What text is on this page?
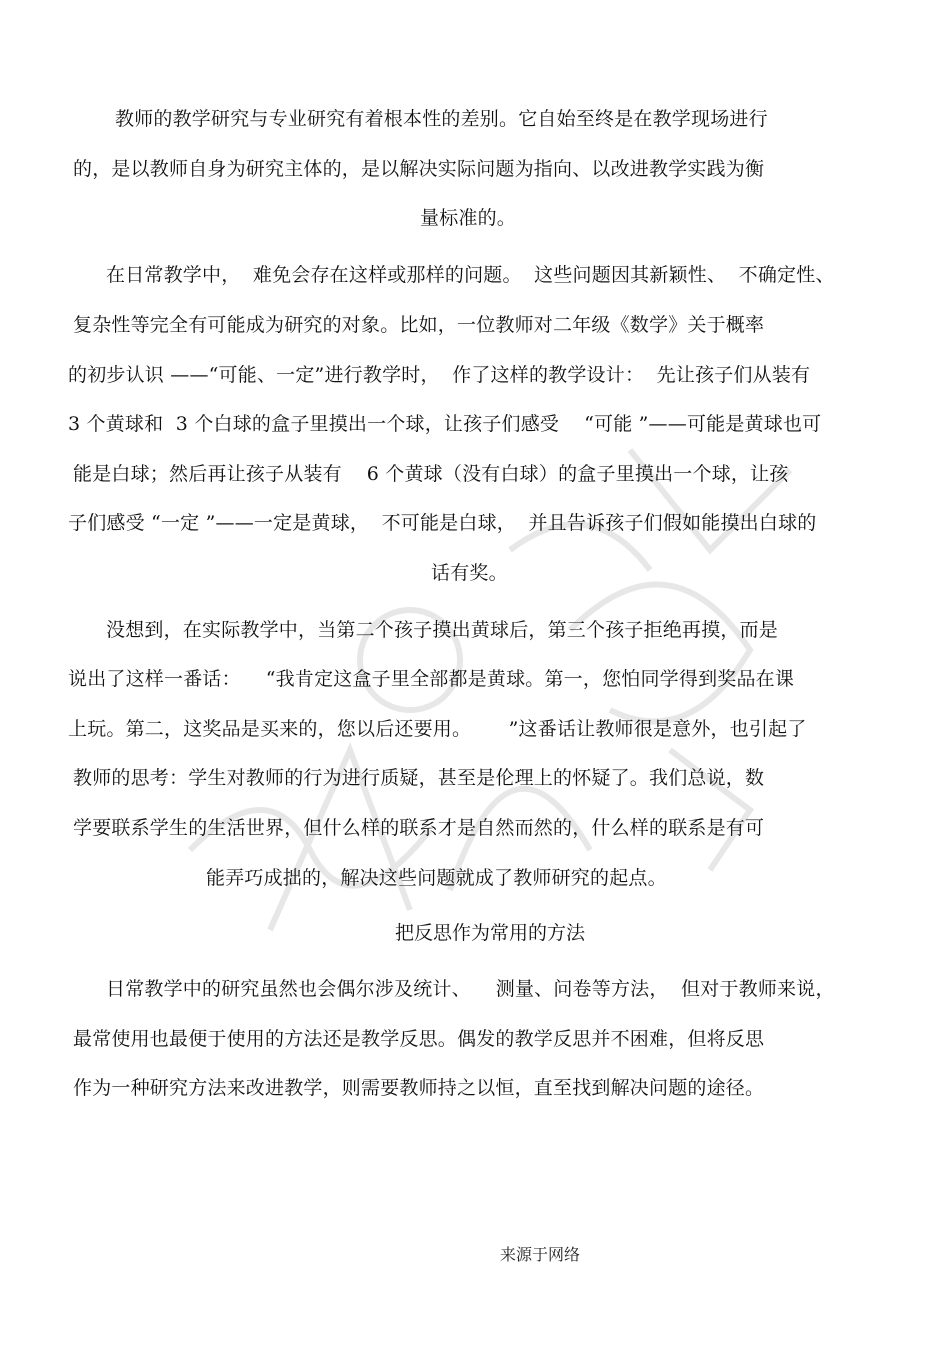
教师的教学研究与专业研究有着根本性的差别。它自始至终是在教学现场进行
的，是以教师自身为研究主体的，是以解决实际问题为指向、以改进教学实践为衡
量标准的。
在日常教学中，  难免会存在这样或那样的问题。  这些问题因其新颖性、  不确定性、
复杂性等完全有可能成为研究的对象。比如，一位教师对二年级《数学》关于概率
的初步认识 ——“可能、一定”进行教学时，  作了这样的教学设计：  先让孩子们从装有
3 个黄球和  3 个白球的盒子里摸出一个球，让孩子们感受    “可能 ”——可能是黄球也可
能是白球；然后再让孩子从装有    6 个黄球（没有白球）的盒子里摸出一个球，让孩
子们感受 “一定 ”——一定是黄球，  不可能是白球，  并且告诉孩子们假如能摸出白球的
话有奖。
没想到，在实际教学中，当第二个孩子摸出黄球后，第三个孩子拒绝再摸，而是
说出了这样一番话：    “我肯定这盒子里全部都是黄球。第一，您怕同学得到奖品在课
上玩。第二，这奖品是买来的，您以后还要用。      ”这番话让教师很是意外，也引起了
教师的思考：学生对教师的行为进行质疑，甚至是伦理上的怀疑了。我们总说，数
学要联系学生的生活世界，但什么样的联系才是自然而然的，什么样的联系是有可
能弄巧成拙的，解决这些问题就成了教师研究的起点。
把反思作为常用的方法
日常教学中的研究虽然也会偶尔涉及统计、    测量、问卷等方法，  但对于教师来说，
最常使用也最便于使用的方法还是教学反思。偶发的教学反思并不困难，但将反思
作为一种研究方法来改进教学，则需要教师持之以恒，直至找到解决问题的途径。
来源于网络
